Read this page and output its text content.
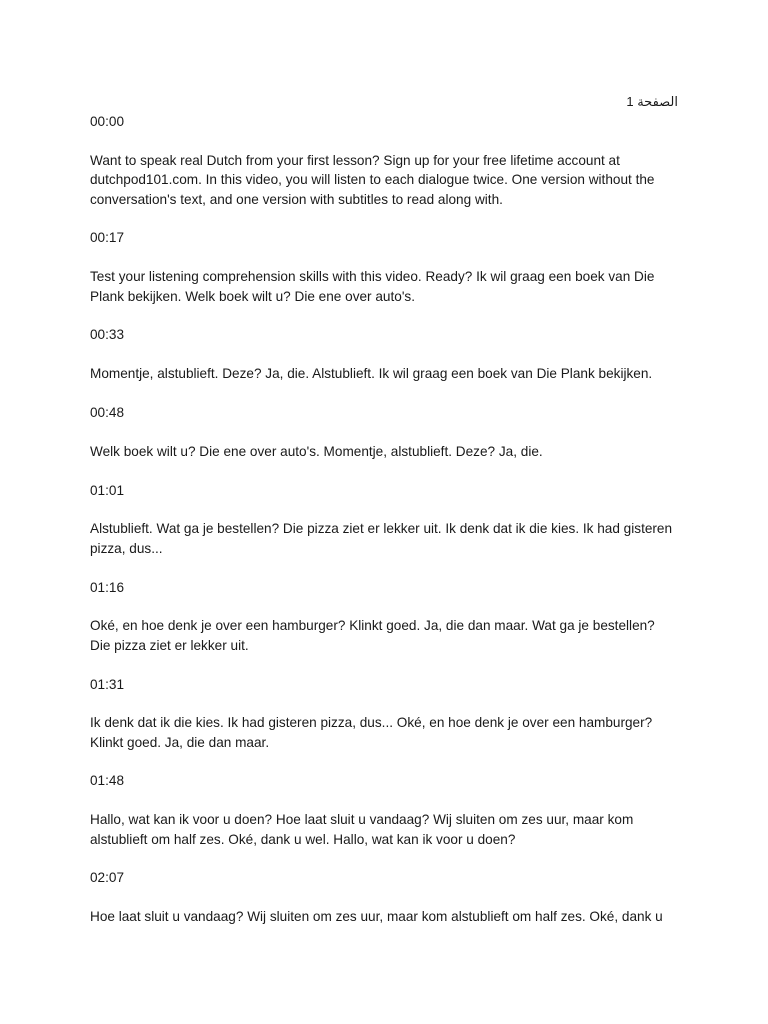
الصفحة 1

00:00

Want to speak real Dutch from your first lesson? Sign up for your free lifetime account at dutchpod101.com. In this video, you will listen to each dialogue twice. One version without the conversation's text, and one version with subtitles to read along with.

00:17

Test your listening comprehension skills with this video. Ready? Ik wil graag een boek van Die Plank bekijken. Welk boek wilt u? Die ene over auto's.

00:33

Momentje, alstublieft. Deze? Ja, die. Alstublieft. Ik wil graag een boek van Die Plank bekijken.

00:48

Welk boek wilt u? Die ene over auto's. Momentje, alstublieft. Deze? Ja, die.

01:01

Alstublieft. Wat ga je bestellen? Die pizza ziet er lekker uit. Ik denk dat ik die kies. Ik had gisteren pizza, dus...

01:16

Oké, en hoe denk je over een hamburger? Klinkt goed. Ja, die dan maar. Wat ga je bestellen? Die pizza ziet er lekker uit.

01:31

Ik denk dat ik die kies. Ik had gisteren pizza, dus... Oké, en hoe denk je over een hamburger? Klinkt goed. Ja, die dan maar.

01:48

Hallo, wat kan ik voor u doen? Hoe laat sluit u vandaag? Wij sluiten om zes uur, maar kom alstublieft om half zes. Oké, dank u wel. Hallo, wat kan ik voor u doen?

02:07

Hoe laat sluit u vandaag? Wij sluiten om zes uur, maar kom alstublieft om half zes. Oké, dank u
